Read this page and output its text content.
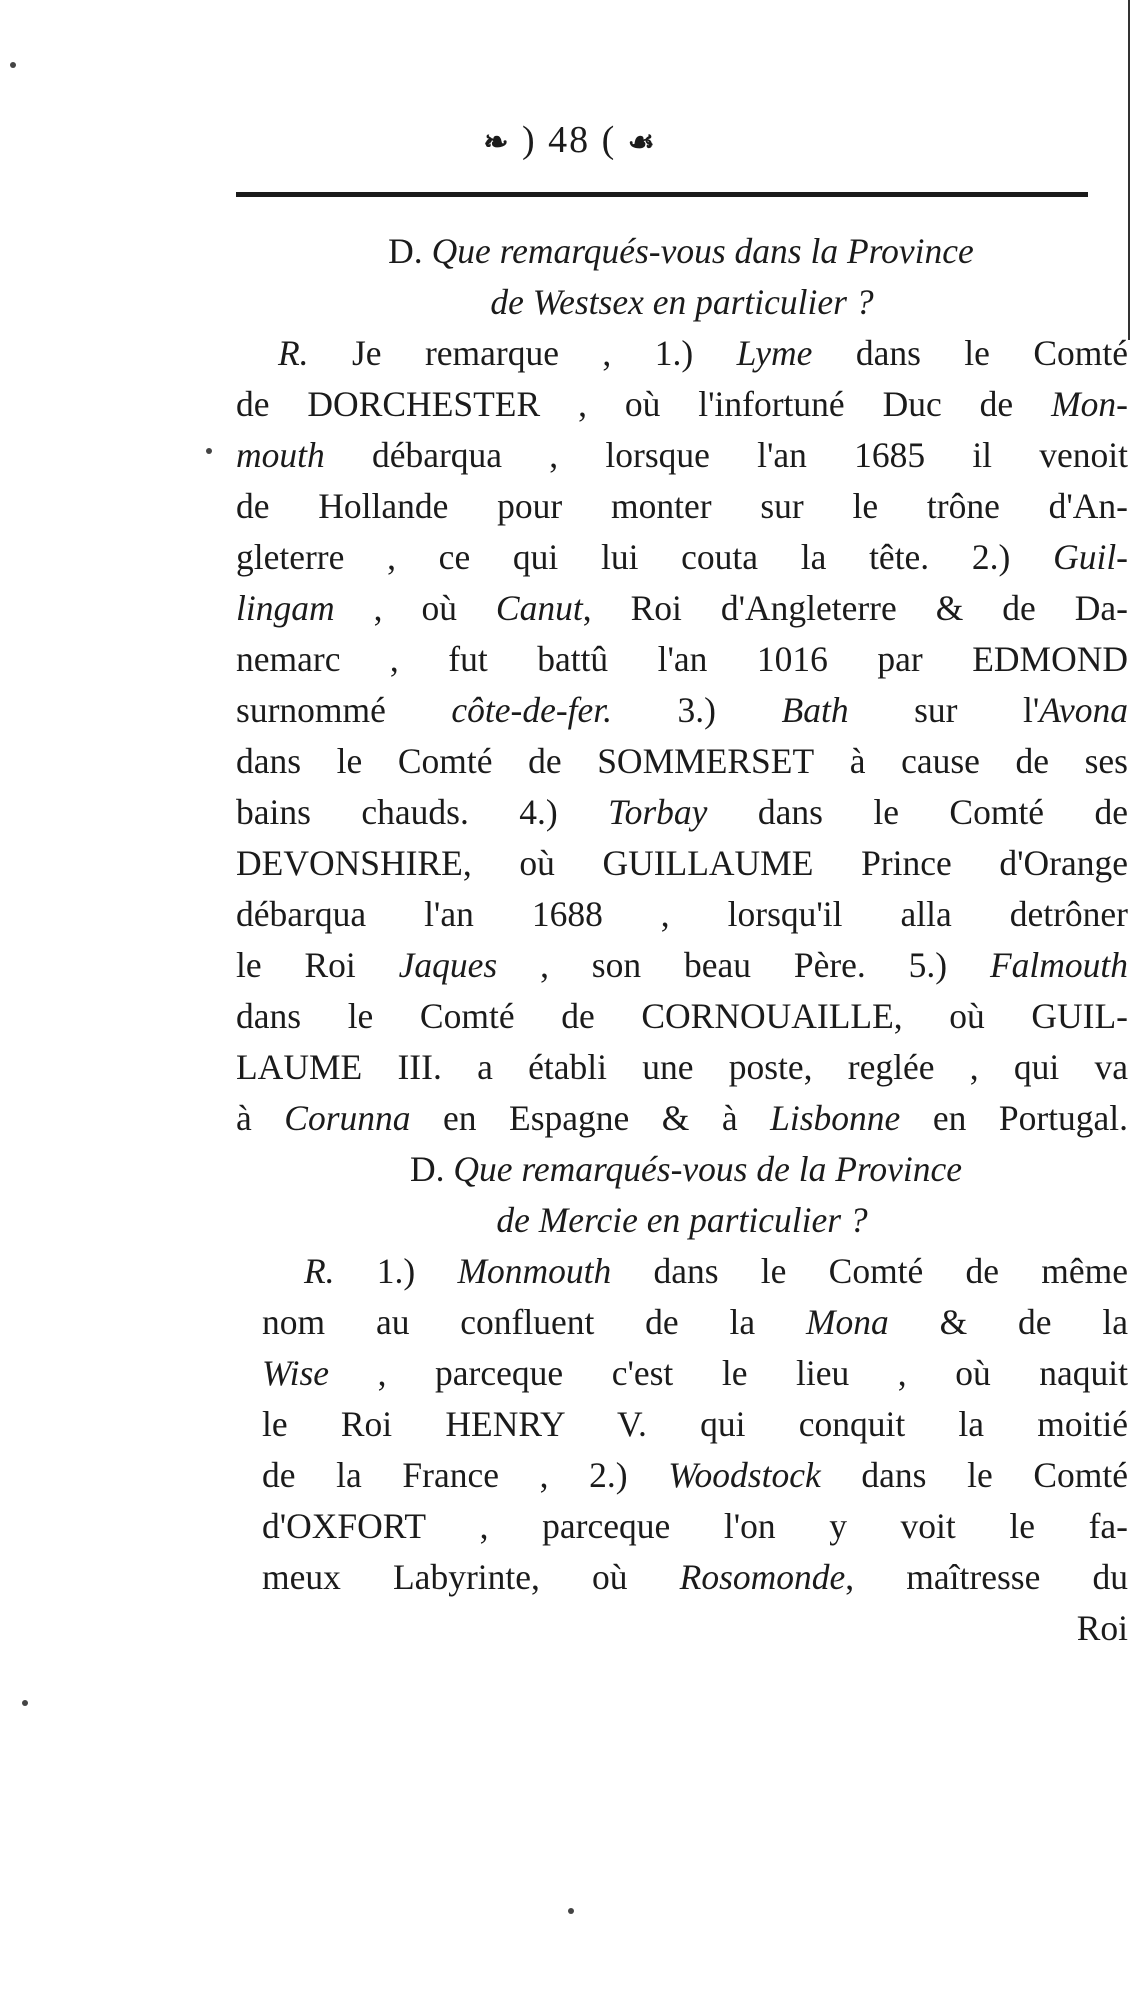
❧ ) 48 ( ☙
D. Que remarqués-vous dans la Province
de Westsex en particulier ?
R. Je remarque , 1.) Lyme dans le Comté
de DORCHESTER , où l'infortuné Duc de Mon-
mouth débarqua , lorsque l'an 1685 il venoit
de Hollande pour monter sur le trône d'An-
gleterre , ce qui lui couta la tête. 2.) Guil-
lingam , où Canut, Roi d'Angleterre & de Da-
nemarc , fut battû l'an 1016 par EDMOND
surnommé côte-de-fer. 3.) Bath sur l'Avona
dans le Comté de SOMMERSET à cause de ses
bains chauds. 4.) Torbay dans le Comté de
DEVONSHIRE, où GUILLAUME Prince d'Orange
débarqua l'an 1688 , lorsqu'il alla detrôner
le Roi Jaques , son beau Père. 5.) Falmouth
dans le Comté de CORNOUAILLE, où GUIL-
LAUME III. a établi une poste, reglée , qui va
à Corunna en Espagne & à Lisbonne en Portugal.
D. Que remarqués-vous de la Province
de Mercie en particulier ?
R. 1.) Monmouth dans le Comté de même
nom au confluent de la Mona & de la
Wise , parceque c'est le lieu , où naquit
le Roi HENRY V. qui conquit la moitié
de la France , 2.) Woodstock dans le Comté
d'OXFORT , parceque l'on y voit le fa-
meux Labyrinte, où Rosomonde, maîtresse du
Roi
